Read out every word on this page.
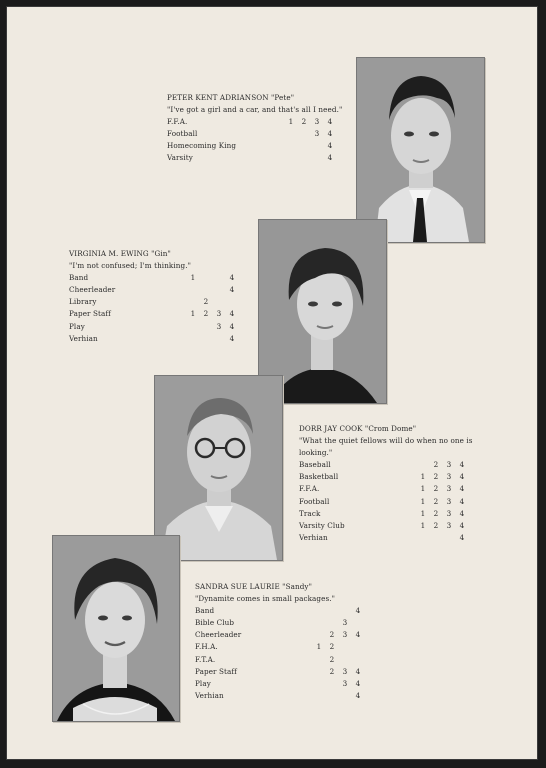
PETER KENT ADRIANSON "Pete"
"I've got a girl and a car, and that's all I need."
F.F.A.	1 2 3 4
Football	3 4
Homecoming King	4
Varsity	4
VIRGINIA M. EWING "Gin"
"I'm not confused; I'm thinking."
Band	1	4
Cheerleader	4
Library	2
Paper Staff	1 2 3 4
Play	3 4
Verhian	4
DORR JAY COOK "Crom Dome"
"What the quiet fellows will do when no one is looking."
Baseball	2 3 4
Basketball	1 2 3 4
F.F.A.	1 2 3 4
Football	1 2 3 4
Track	1 2 3 4
Varsity Club	1 2 3 4
Verhian	4
SANDRA SUE LAURIE "Sandy"
"Dynamite comes in small packages."
Band	4
Bible Club	3
Cheerleader	2 3 4
F.H.A.	1 2
F.T.A.	2
Paper Staff	2 3 4
Play	3 4
Verhian	4
